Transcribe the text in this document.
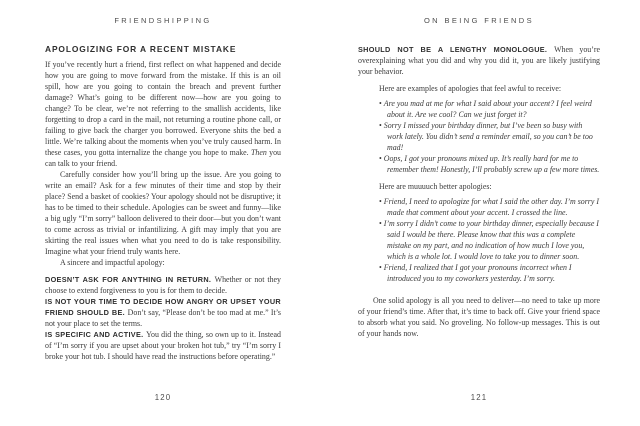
FRIENDSHIPPING
APOLOGIZING FOR A RECENT MISTAKE

If you’ve recently hurt a friend, first reflect on what happened and decide how you are going to move forward from the mistake. If this is an oil spill, how are you going to contain the breach and prevent further damage? What’s going to be different now—how are you going to change? To be clear, we’re not referring to the smallish accidents, like forgetting to drop a card in the mail, not returning a routine phone call, or failing to give back the charger you borrowed. Everyone shits the bed a little. We’re talking about the moments when you’ve truly caused harm. In these cases, you gotta internalize the change you hope to make. Then you can talk to your friend.

Carefully consider how you’ll bring up the issue. Are you going to write an email? Ask for a few minutes of their time and stop by their place? Send a basket of cookies? Your apology should not be disruptive; it has to be timed to their schedule. Apologies can be sweet and funny—like a big ugly “I’m sorry” balloon delivered to their door—but you don’t want to come across as trivial or infantilizing. A gift may imply that you are skirting the real issues when what you need to do is take responsibility. Imagine what your friend truly wants here.

A sincere and impactful apology:

DOESN’T ASK FOR ANYTHING IN RETURN. Whether or not they choose to extend forgiveness to you is for them to decide.

IS NOT YOUR TIME TO DECIDE HOW ANGRY OR UPSET YOUR FRIEND SHOULD BE. Don’t say, “Please don’t be too mad at me.” It’s not your place to set the terms.

IS SPECIFIC AND ACTIVE. You did the thing, so own up to it. Instead of “I’m sorry if you are upset about your broken hot tub,” try “I’m sorry I broke your hot tub. I should have read the instructions before operating.”

120
ON BEING FRIENDS

SHOULD NOT BE A LENGTHY MONOLOGUE. When you’re overexplaining what you did and why you did it, you are likely justifying your behavior.

Here are examples of apologies that feel awful to receive:

• Are you mad at me for what I said about your accent? I feel weird about it. Are we cool? Can we just forget it?
• Sorry I missed your birthday dinner, but I’ve been so busy with work lately. You didn’t send a reminder email, so you can’t be too mad!
• Oops, I got your pronouns mixed up. It’s really hard for me to remember them! Honestly, I’ll probably screw up a few more times.

Here are muuuuch better apologies:

• Friend, I need to apologize for what I said the other day. I’m sorry I made that comment about your accent. I crossed the line.
• I’m sorry I didn’t come to your birthday dinner, especially because I said I would be there. Please know that this was a complete mistake on my part, and no indication of how much I love you, which is a whole lot. I would love to take you to dinner soon.
• Friend, I realized that I got your pronouns incorrect when I introduced you to my coworkers yesterday. I’m sorry.

One solid apology is all you need to deliver—no need to take up more of your friend’s time. After that, it’s time to back off. Give your friend space to absorb what you said. No groveling. No follow-up messages. This is out of your hands now.

121
